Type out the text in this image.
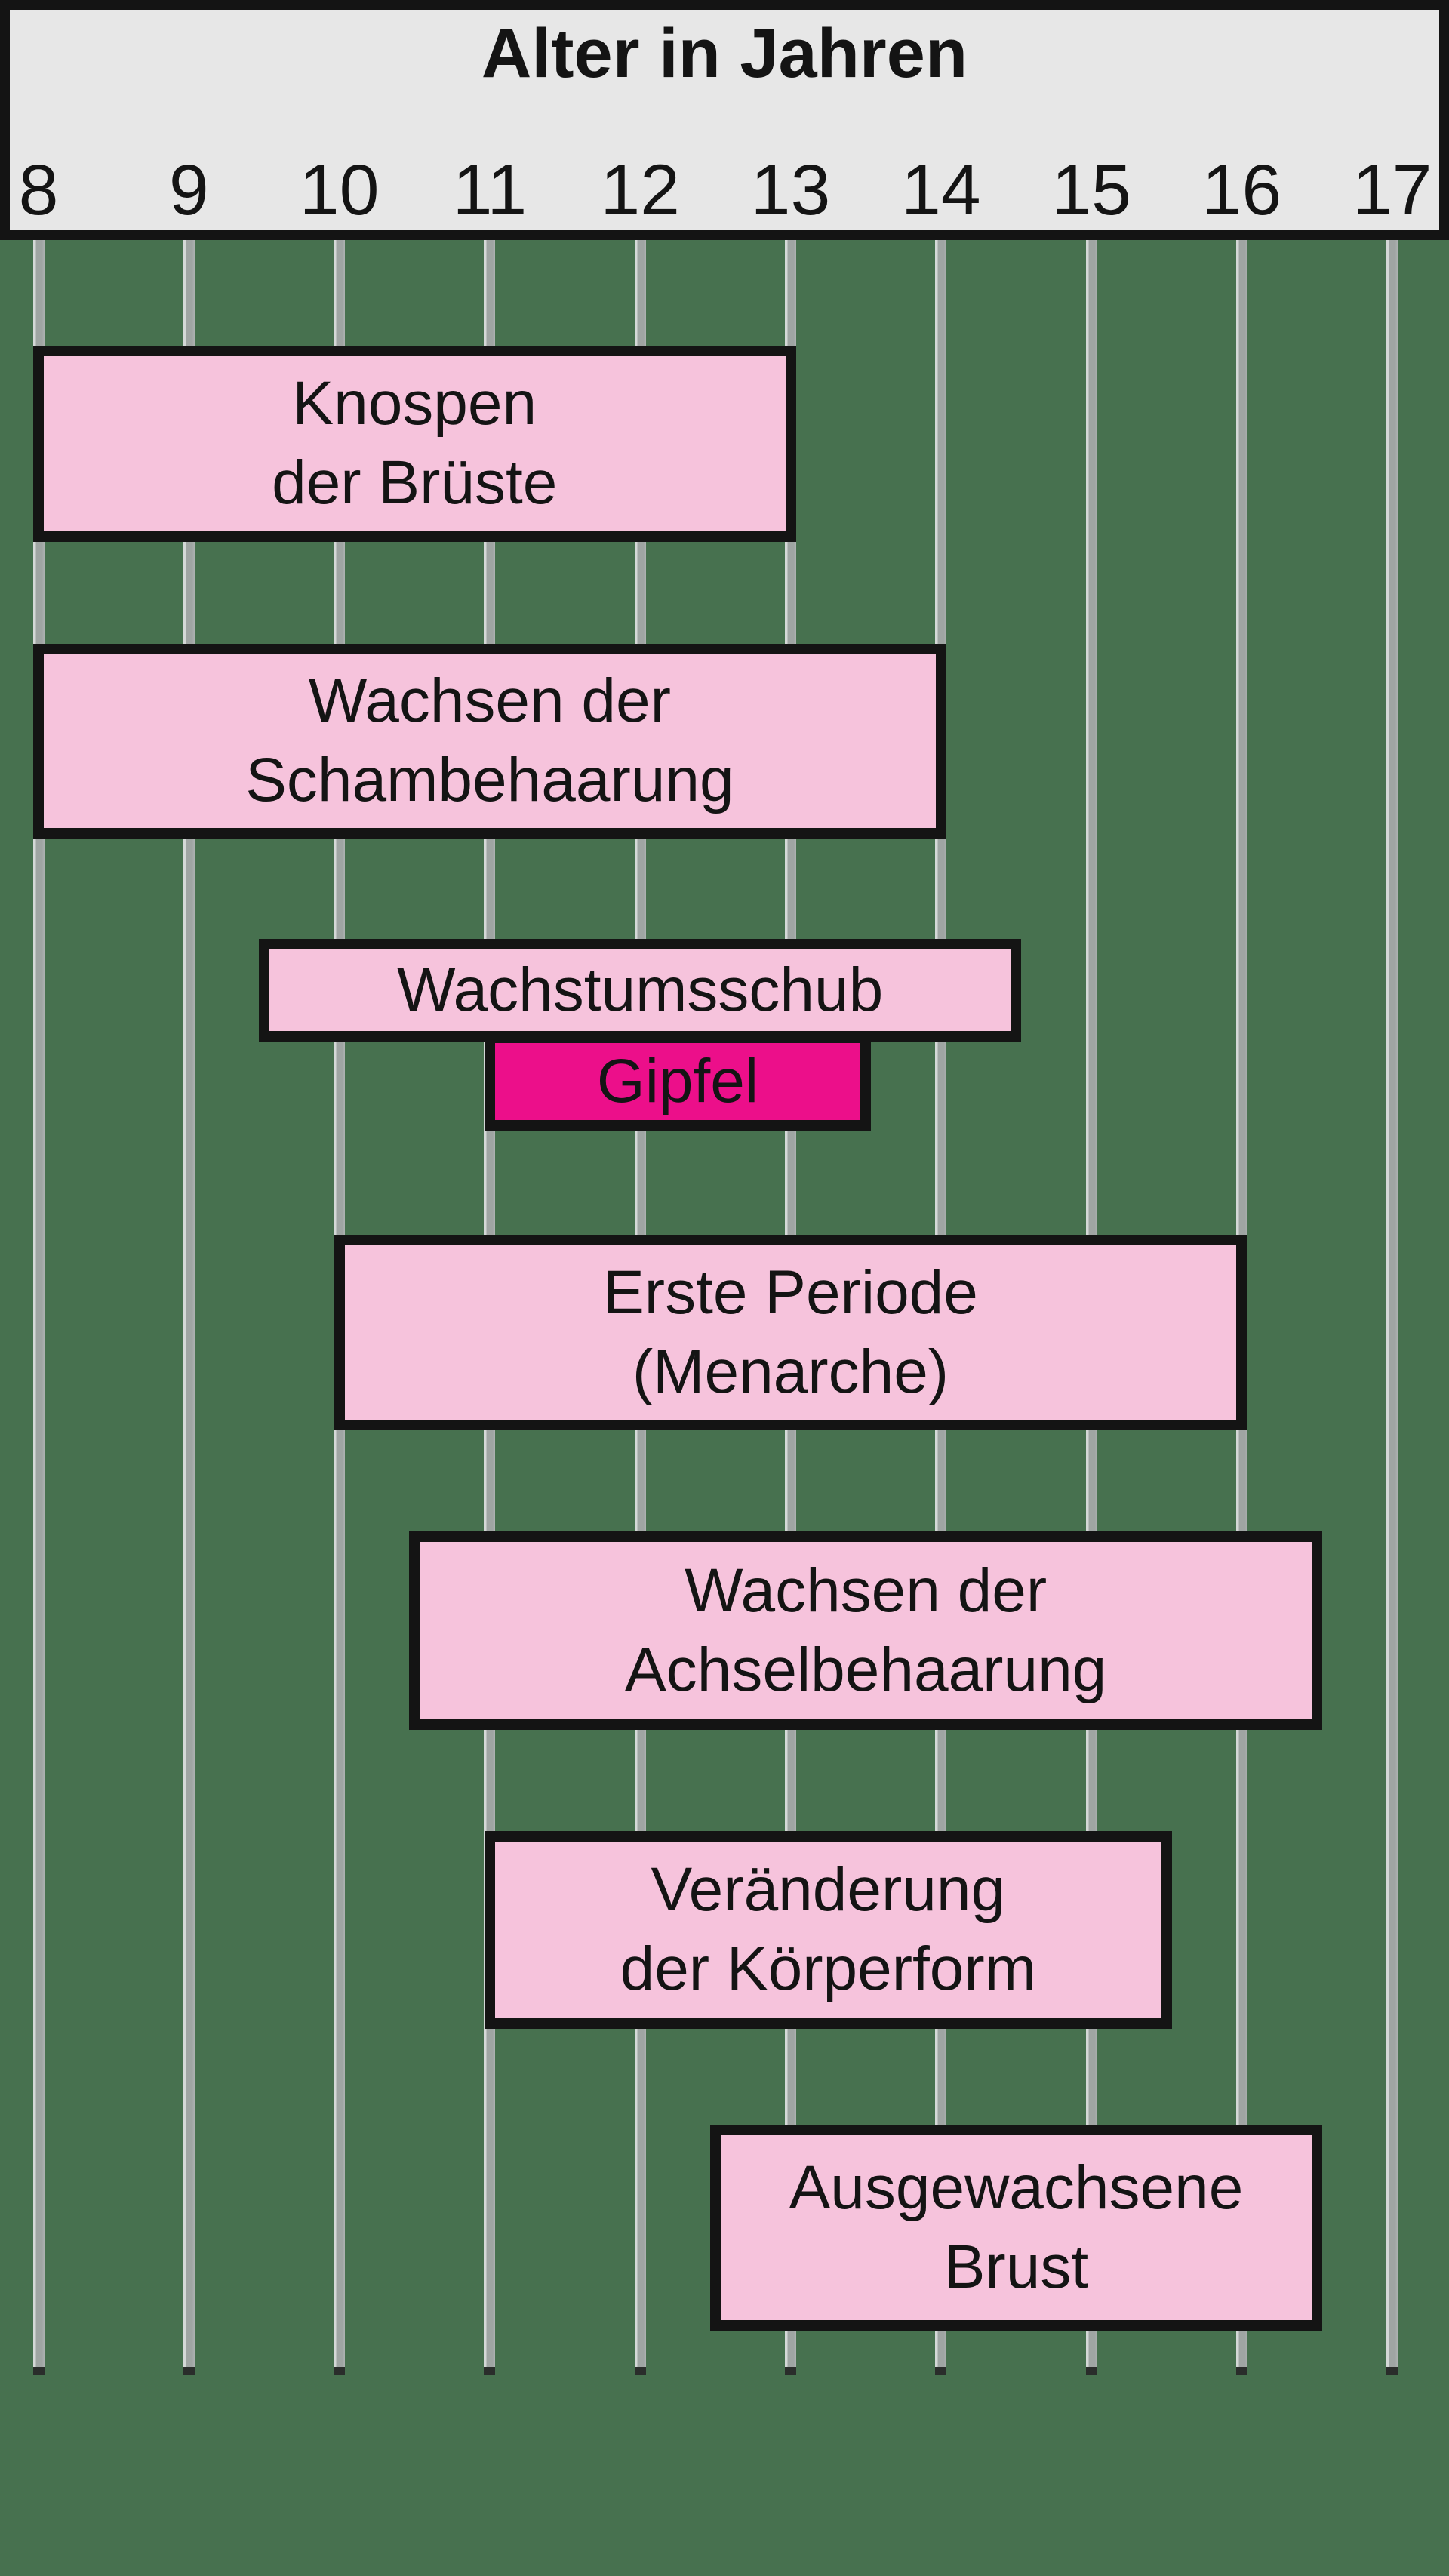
Alter in Jahren
8 9 10 11 12 13 14 15 16 17
Knospen
der Brüste
Wachsen der
Schambehaarung
Wachstumsschub
Gipfel
Erste Periode
(Menarche)
Wachsen der
Achselbehaarung
Veränderung
der Körperform
Ausgewachsene
Brust
